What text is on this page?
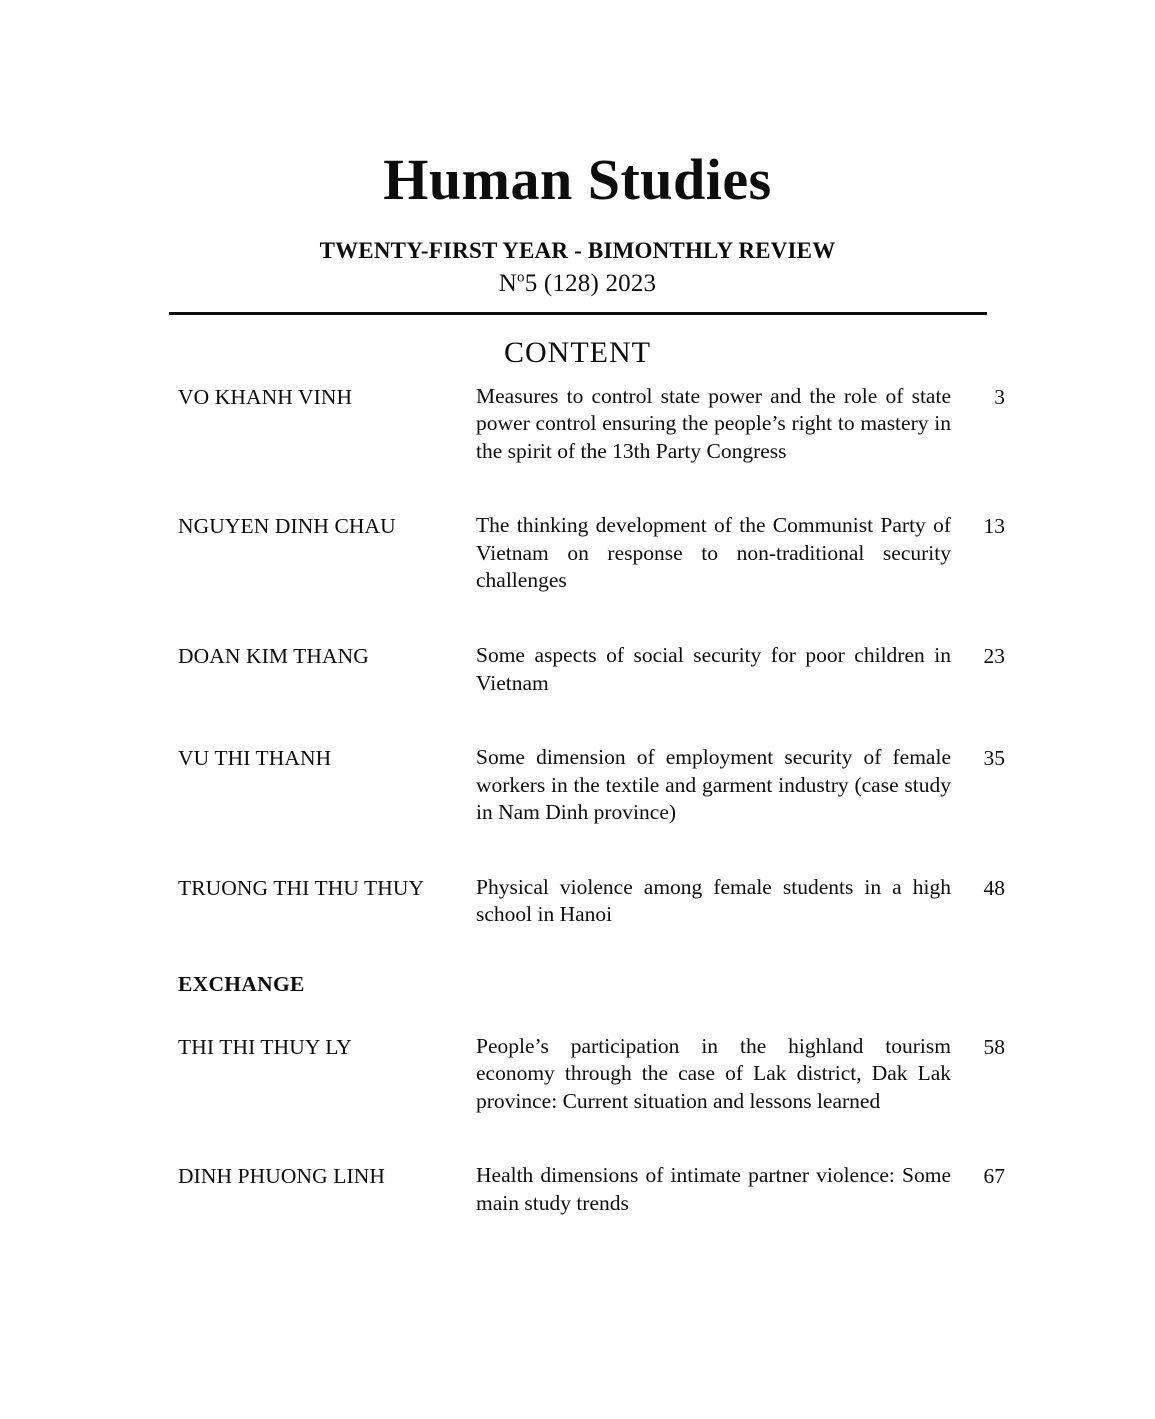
Human Studies
TWENTY-FIRST YEAR - BIMONTHLY REVIEW
$N^o5$ (128) 2023
CONTENT
VO KHANH VINH	Measures to control state power and the role of state power control ensuring the people’s right to mastery in the spirit of the 13th Party Congress
3
NGUYEN DINH CHAU	The thinking development of the Communist Party of Vietnam on response to non-traditional security challenges
13
DOAN KIM THANG	Some aspects of social security for poor children in Vietnam
23
VU THI THANH	Some dimension of employment security of female workers in the textile and garment industry (case study in Nam Dinh province)
35
TRUONG THI THU THUY	Physical violence among female students in a high school in Hanoi
48
EXCHANGE
THI THI THUY LY	People’s participation in the highland tourism economy through the case of Lak district, Dak Lak province: Current situation and lessons learned
58
DINH PHUONG LINH	Health dimensions of intimate partner violence: Some main study trends
67
